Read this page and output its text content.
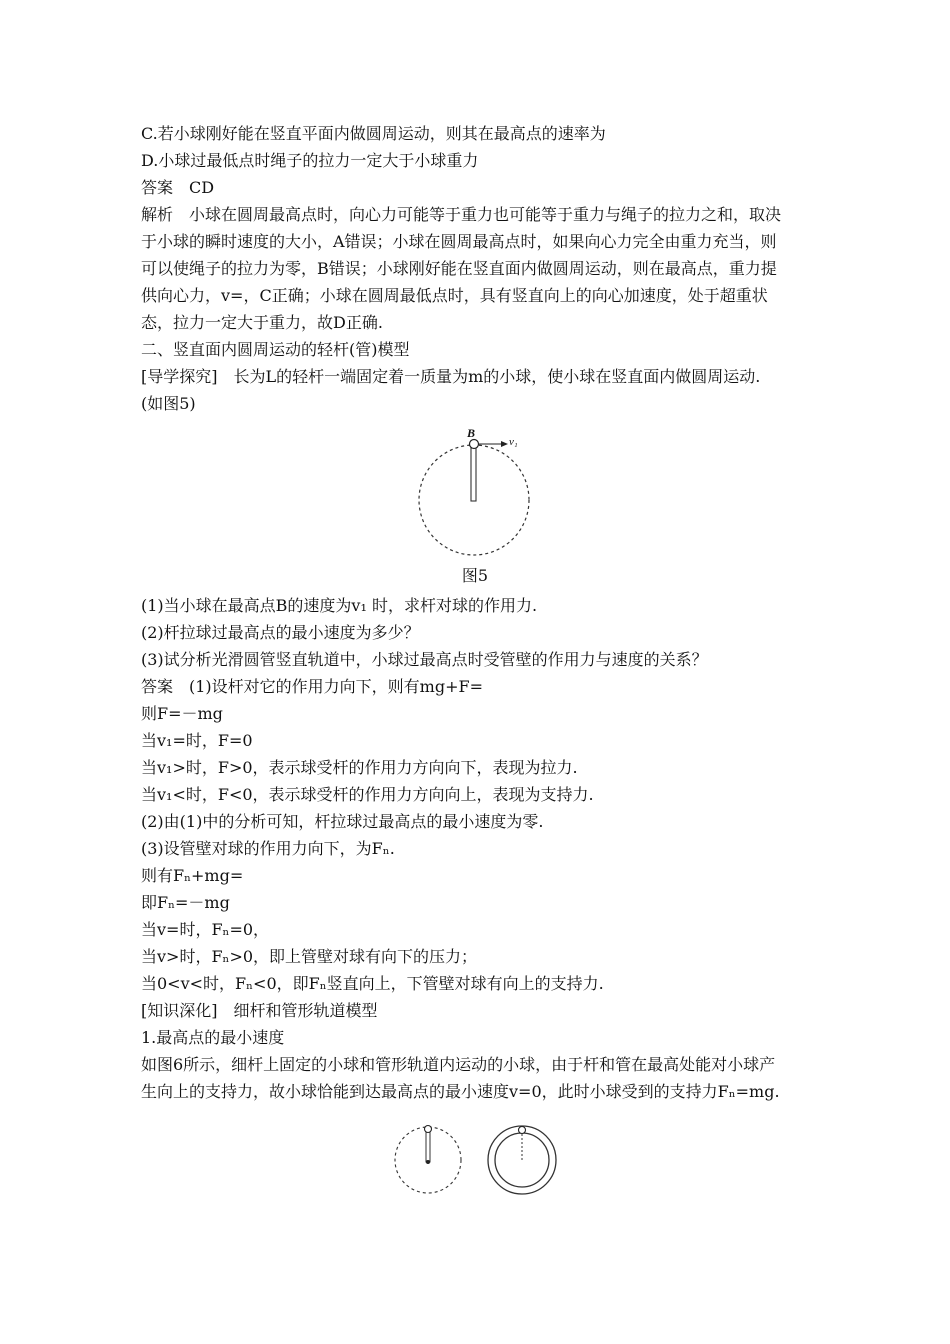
C.若小球刚好能在竖直平面内做圆周运动，则其在最高点的速率为
D.小球过最低点时绳子的拉力一定大于小球重力
答案　CD
解析　小球在圆周最高点时，向心力可能等于重力也可能等于重力与绳子的拉力之和，取决
于小球的瞬时速度的大小，A错误；小球在圆周最高点时，如果向心力完全由重力充当，则
可以使绳子的拉力为零，B错误；小球刚好能在竖直面内做圆周运动，则在最高点，重力提
供向心力，v=，C正确；小球在圆周最低点时，具有竖直向上的向心加速度，处于超重状
态，拉力一定大于重力，故D正确.
二、竖直面内圆周运动的轻杆(管)模型
[导学探究]　长为L的轻杆一端固定着一质量为m的小球，使小球在竖直面内做圆周运动.
(如图5)
B
v₁
图5
(1)当小球在最高点B的速度为v₁ 时，求杆对球的作用力.
(2)杆拉球过最高点的最小速度为多少？
(3)试分析光滑圆管竖直轨道中，小球过最高点时受管壁的作用力与速度的关系？
答案　(1)设杆对它的作用力向下，则有mg+F=
则F=－mg
当v₁=时，F=0
当v₁>时，F>0，表示球受杆的作用力方向向下，表现为拉力.
当v₁<时，F<0，表示球受杆的作用力方向向上，表现为支持力.
(2)由(1)中的分析可知，杆拉球过最高点的最小速度为零.
(3)设管壁对球的作用力向下，为Fₙ.
则有Fₙ+mg=
即Fₙ=－mg
当v=时，Fₙ=0，
当v>时，Fₙ>0，即上管壁对球有向下的压力；
当0<v<时，Fₙ<0，即Fₙ竖直向上，下管壁对球有向上的支持力.
[知识深化]　细杆和管形轨道模型
1.最高点的最小速度
如图6所示，细杆上固定的小球和管形轨道内运动的小球，由于杆和管在最高处能对小球产
生向上的支持力，故小球恰能到达最高点的最小速度v=0，此时小球受到的支持力Fₙ=mg.
